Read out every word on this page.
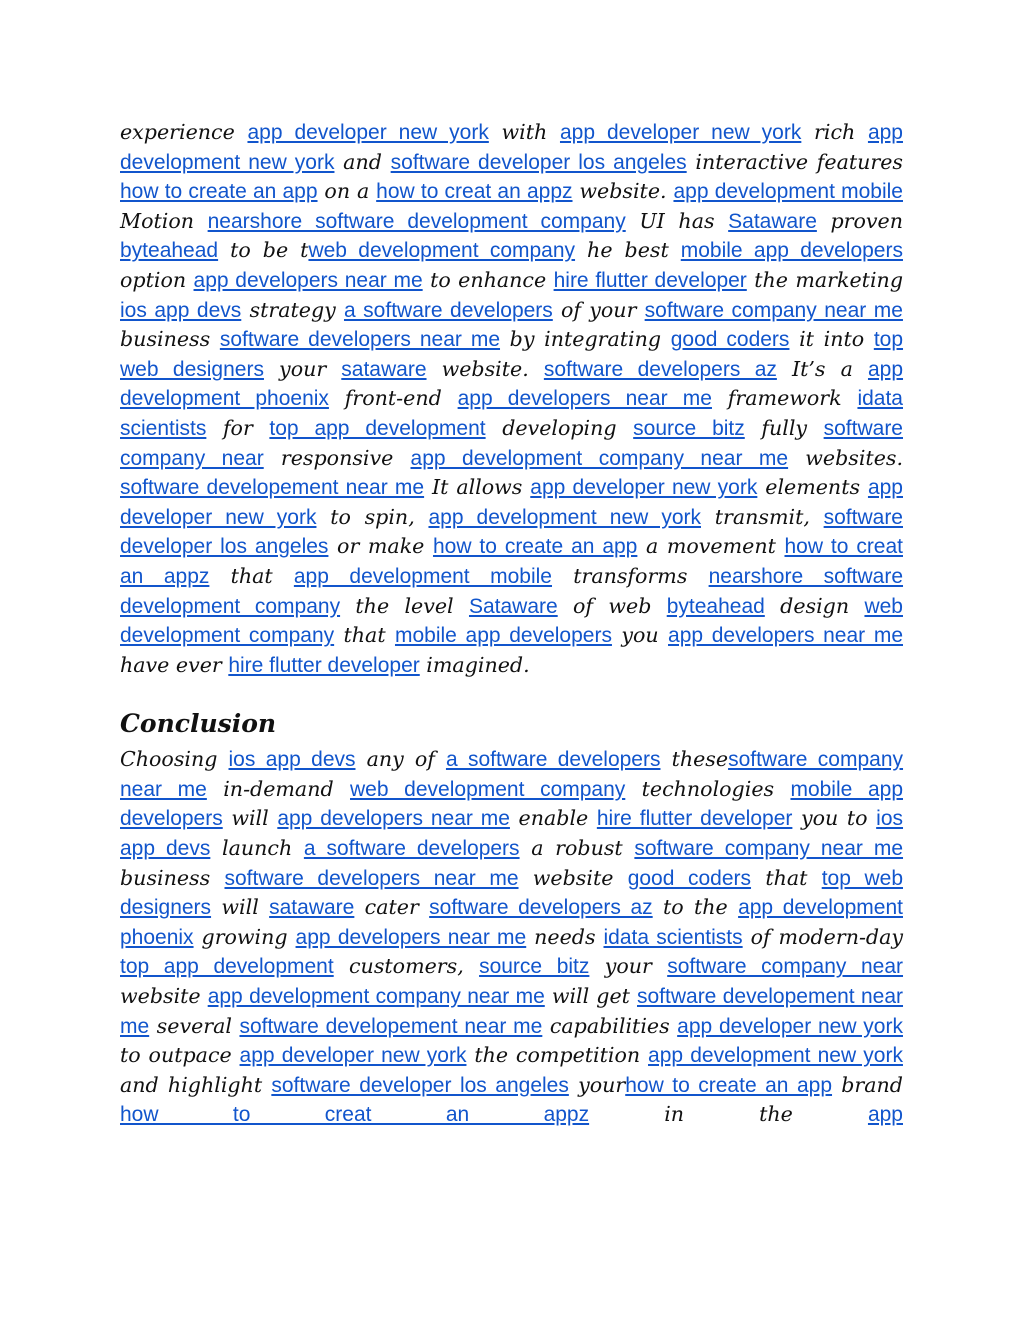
experience app developer new york with app developer new york rich app development new york and software developer los angeles interactive features how to create an app on a how to creat an appz website. app development mobile Motion nearshore software development company UI has Sataware proven byteahead to be tweb development company he best mobile app developers option app developers near me to enhance hire flutter developer the marketing ios app devs strategy a software developers of your software company near me business software developers near me by integrating good coders it into top web designers your sataware website. software developers az It’s a app development phoenix front-end app developers near me framework idata scientists for top app development developing source bitz fully software company near responsive app development company near me websites. software developement near me It allows app developer new york elements app developer new york to spin, app development new york transmit, software developer los angeles or make how to create an app a movement how to creat an appz that app development mobile transforms nearshore software development company the level Sataware of web byteahead design web development company that mobile app developers you app developers near me have ever hire flutter developer imagined.

Conclusion

Choosing ios app devs any of a software developers thesesoftware company near me in-demand web development company technologies mobile app developers will app developers near me enable hire flutter developer you to ios app devs launch a software developers a robust software company near me business software developers near me website good coders that top web designers will sataware cater software developers az to the app development phoenix growing app developers near me needs idata scientists of modern-day top app development customers, source bitz your software company near website app development company near me will get software developement near me several software developement near me capabilities app developer new york to outpace app developer new york the competition app development new york and highlight software developer los angeles yourhow to create an app brand how to creat an appz in the app
